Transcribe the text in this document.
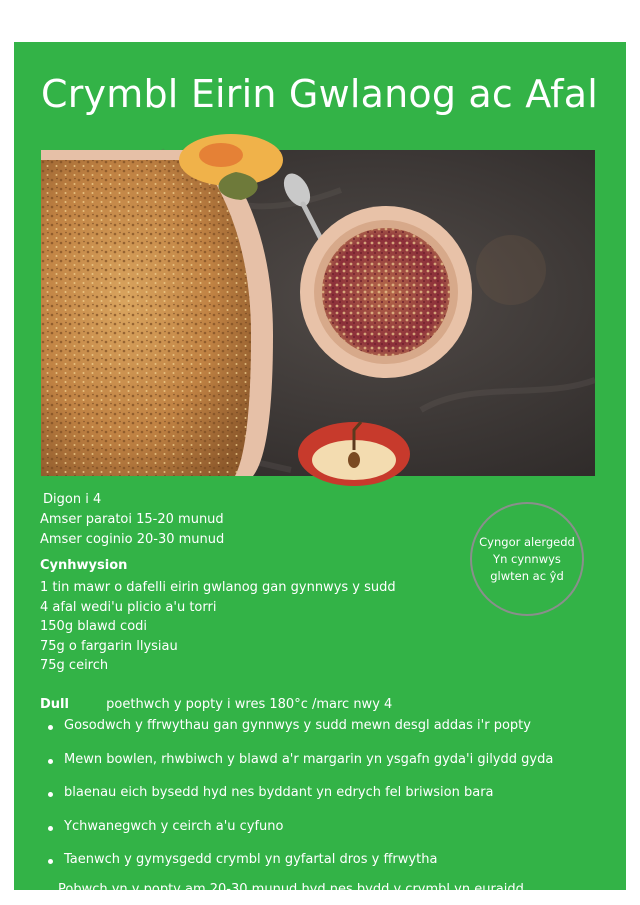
Crymbl Eirin Gwlanog ac Afal
Digon i 4
Amser paratoi 15-20 munud
Amser coginio 20-30 munud
Cynhwysion
1 tin mawr o dafelli eirin gwlanog gan gynnwys y sudd
4 afal wedi'u plicio a'u torri
150g blawd codi
75g o fargarin llysiau
75g ceirch
Cyngor alergedd
Yn cynnwys
glwten ac ŷd
Dull	poethwch y popty i wres 180°c /marc nwy 4
Gosodwch y ffrwythau gan gynnwys y sudd mewn desgl addas i'r popty
Mewn bowlen, rhwbiwch y blawd a'r margarin yn ysgafn gyda'i gilydd gyda
blaenau eich bysedd hyd nes byddant yn edrych fel briwsion bara
Ychwanegwch y ceirch a'u cyfuno
Taenwch y gymysgedd crymbl yn gyfartal dros y ffrwytha
Pobwch yn y popty am 20-30 munud hyd nes bydd y crymbl yn euraidd
